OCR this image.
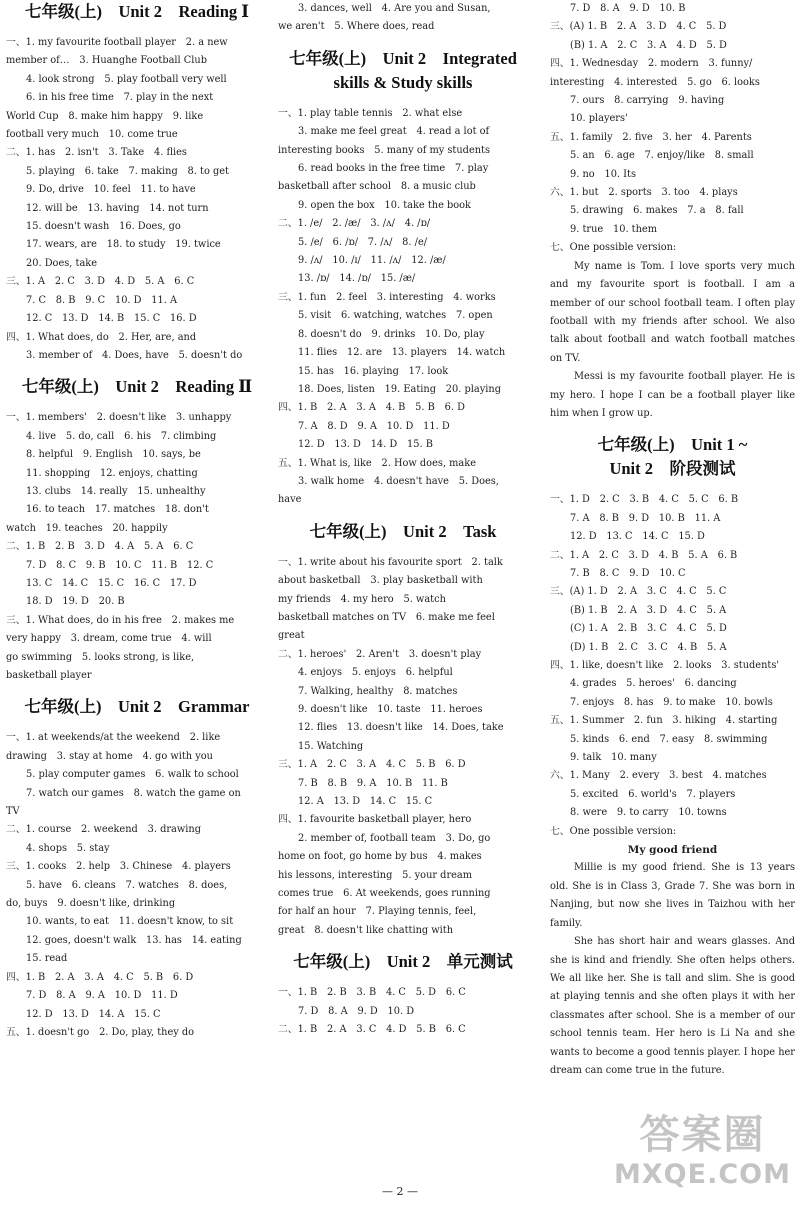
七年级(上)　Unit 2　Reading Ⅰ
一、1. my favourite football player　2. a new
member of…　3. Huanghe Football Club
4. look strong　5. play football very well
6. in his free time　7. play in the next
World Cup　8. make him happy　9. like
football very much　10. come true
二、1. has　2. isn't　3. Take　4. flies
5. playing　6. take　7. making　8. to get
9. Do, drive　10. feel　11. to have
12. will be　13. having　14. not turn
15. doesn't wash　16. Does, go
17. wears, are　18. to study　19. twice
20. Does, take
三、1. A　2. C　3. D　4. D　5. A　6. C
7. C　8. B　9. C　10. D　11. A
12. C　13. D　14. B　15. C　16. D
四、1. What does, do　2. Her, are, and
3. member of　4. Does, have　5. doesn't do
七年级(上)　Unit 2　Reading Ⅱ
一、1. members'　2. doesn't like　3. unhappy
4. live　5. do, call　6. his　7. climbing
8. helpful　9. English　10. says, be
11. shopping　12. enjoys, chatting
13. clubs　14. really　15. unhealthy
16. to teach　17. matches　18. don't
watch　19. teaches　20. happily
二、1. B　2. B　3. D　4. A　5. A　6. C
7. D　8. C　9. B　10. C　11. B　12. C
13. C　14. C　15. C　16. C　17. D
18. D　19. D　20. B
三、1. What does, do in his free　2. makes me
very happy　3. dream, come true　4. will
go swimming　5. looks strong, is like,
basketball player
七年级(上)　Unit 2　Grammar
一、1. at weekends/at the weekend　2. like
drawing　3. stay at home　4. go with you
5. play computer games　6. walk to school
7. watch our games　8. watch the game on
TV
二、1. course　2. weekend　3. drawing
4. shops　5. stay
三、1. cooks　2. help　3. Chinese　4. players
5. have　6. cleans　7. watches　8. does,
do, buys　9. doesn't like, drinking
10. wants, to eat　11. doesn't know, to sit
12. goes, doesn't walk　13. has　14. eating
15. read
四、1. B　2. A　3. A　4. C　5. B　6. D
7. D　8. A　9. A　10. D　11. D
12. D　13. D　14. A　15. C
五、1. doesn't go　2. Do, play, they do
3. dances, well　4. Are you and Susan,
we aren't　5. Where does, read
七年级(上)　Unit 2　Integrated
skills & Study skills
一、1. play table tennis　2. what else
3. make me feel great　4. read a lot of
interesting books　5. many of my students
6. read books in the free time　7. play
basketball after school　8. a music club
9. open the box　10. take the book
二、1. /e/　2. /æ/　3. /ʌ/　4. /ɒ/
5. /e/　6. /ɒ/　7. /ʌ/　8. /e/
9. /ʌ/　10. /ɪ/　11. /ʌ/　12. /æ/
13. /ɒ/　14. /ɒ/　15. /æ/
三、1. fun　2. feel　3. interesting　4. works
5. visit　6. watching, watches　7. open
8. doesn't do　9. drinks　10. Do, play
11. flies　12. are　13. players　14. watch
15. has　16. playing　17. look
18. Does, listen　19. Eating　20. playing
四、1. B　2. A　3. A　4. B　5. B　6. D
7. A　8. D　9. A　10. D　11. D
12. D　13. D　14. D　15. B
五、1. What is, like　2. How does, make
3. walk home　4. doesn't have　5. Does,
have
七年级(上)　Unit 2　Task
一、1. write about his favourite sport　2. talk
about basketball　3. play basketball with
my friends　4. my hero　5. watch
basketball matches on TV　6. make me feel
great
二、1. heroes'　2. Aren't　3. doesn't play
4. enjoys　5. enjoys　6. helpful
7. Walking, healthy　8. matches
9. doesn't like　10. taste　11. heroes
12. flies　13. doesn't like　14. Does, take
15. Watching
三、1. A　2. C　3. A　4. C　5. B　6. D
7. B　8. B　9. A　10. B　11. B
12. A　13. D　14. C　15. C
四、1. favourite basketball player, hero
2. member of, football team　3. Do, go
home on foot, go home by bus　4. makes
his lessons, interesting　5. your dream
comes true　6. At weekends, goes running
for half an hour　7. Playing tennis, feel,
great　8. doesn't like chatting with
七年级(上)　Unit 2　单元测试
一、1. B　2. B　3. B　4. C　5. D　6. C
7. D　8. A　9. D　10. D
二、1. B　2. A　3. C　4. D　5. B　6. C
7. D　8. A　9. D　10. B
三、(A) 1. B　2. A　3. D　4. C　5. D
(B) 1. A　2. C　3. A　4. D　5. D
四、1. Wednesday　2. modern　3. funny/
interesting　4. interested　5. go　6. looks
7. ours　8. carrying　9. having
10. players'
五、1. family　2. five　3. her　4. Parents
5. an　6. age　7. enjoy/like　8. small
9. no　10. Its
六、1. but　2. sports　3. too　4. plays
5. drawing　6. makes　7. a　8. fall
9. true　10. them
七、One possible version:

My name is Tom. I love sports very much and my favourite sport is football. I am a member of our school football team. I often play football with my friends after school. We also talk about football and watch football matches on TV.

Messi is my favourite football player. He is my hero. I hope I can be a football player like him when I grow up.

七年级(上)　Unit 1 ~
Unit 2　阶段测试
一、1. D　2. C　3. B　4. C　5. C　6. B
7. A　8. B　9. D　10. B　11. A
12. D　13. C　14. C　15. D
二、1. A　2. C　3. D　4. B　5. A　6. B
7. B　8. C　9. D　10. C
三、(A) 1. D　2. A　3. C　4. C　5. C
(B) 1. B　2. A　3. D　4. C　5. A
(C) 1. A　2. B　3. C　4. C　5. D
(D) 1. B　2. C　3. C　4. B　5. A
四、1. like, doesn't like　2. looks　3. students'
4. grades　5. heroes'　6. dancing
7. enjoys　8. has　9. to make　10. bowls
五、1. Summer　2. fun　3. hiking　4. starting
5. kinds　6. end　7. easy　8. swimming
9. talk　10. many
六、1. Many　2. every　3. best　4. matches
5. excited　6. world's　7. players
8. were　9. to carry　10. towns
七、One possible version:
My good friend

Millie is my good friend. She is 13 years old. She is in Class 3, Grade 7. She was born in Nanjing, but now she lives in Taizhou with her family.

She has short hair and wears glasses. And she is kind and friendly. She often helps others. We all like her. She is tall and slim. She is good at playing tennis and she often plays it with her classmates after school. She is a member of our school tennis team. Her hero is Li Na and she wants to become a good tennis player. I hope her dream can come true in the future.

— 2 —
答案圈
MXQE.COM
